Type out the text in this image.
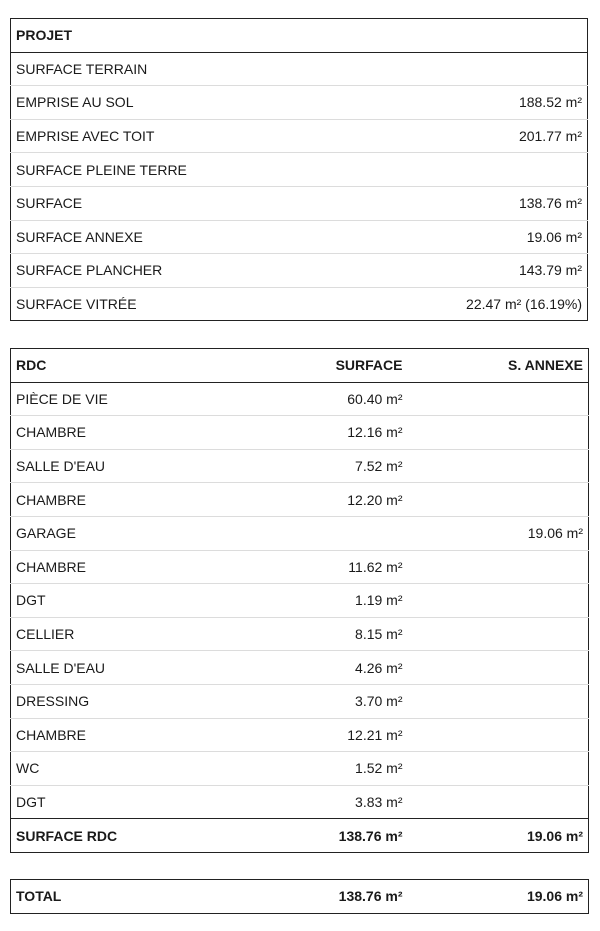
PROJET	
SURFACE TERRAIN	
EMPRISE AU SOL	188.52 m²
EMPRISE AVEC TOIT	201.77 m²
SURFACE PLEINE TERRE	
SURFACE	138.76 m²
SURFACE ANNEXE	19.06 m²
SURFACE PLANCHER	143.79 m²
SURFACE VITRÉE	22.47 m² (16.19%)
RDC	SURFACE	S. ANNEXE
PIÈCE DE VIE	60.40 m²	
CHAMBRE	12.16 m²	
SALLE D'EAU	7.52 m²	
CHAMBRE	12.20 m²	
GARAGE		19.06 m²
CHAMBRE	11.62 m²	
DGT	1.19 m²	
CELLIER	8.15 m²	
SALLE D'EAU	4.26 m²	
DRESSING	3.70 m²	
CHAMBRE	12.21 m²	
WC	1.52 m²	
DGT	3.83 m²	
SURFACE RDC	138.76 m²	19.06 m²
TOTAL	138.76 m²	19.06 m²
